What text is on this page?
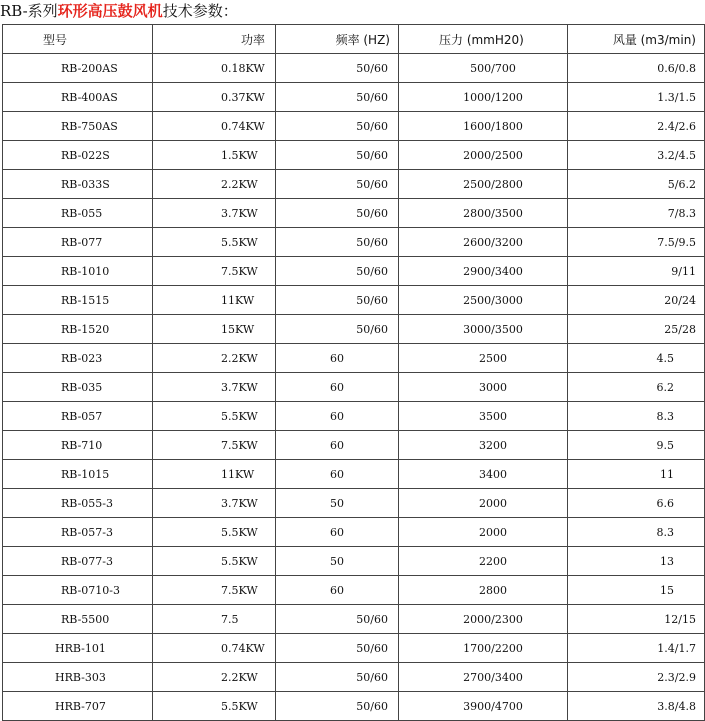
RB-系列环形高压鼓风机技术参数：
型号	功率	频率 (HZ)	压力 (mmH20)	风量 (m3/min)
RB-200AS	0.18KW	50/60	500/700	0.6/0.8
RB-400AS	0.37KW	50/60	1000/1200	1.3/1.5
RB-750AS	0.74KW	50/60	1600/1800	2.4/2.6
RB-022S	1.5KW	50/60	2000/2500	3.2/4.5
RB-033S	2.2KW	50/60	2500/2800	5/6.2
RB-055	3.7KW	50/60	2800/3500	7/8.3
RB-077	5.5KW	50/60	2600/3200	7.5/9.5
RB-1010	7.5KW	50/60	2900/3400	9/11
RB-1515	11KW	50/60	2500/3000	20/24
RB-1520	15KW	50/60	3000/3500	25/28
RB-023	2.2KW	60	2500	4.5
RB-035	3.7KW	60	3000	6.2
RB-057	5.5KW	60	3500	8.3
RB-710	7.5KW	60	3200	9.5
RB-1015	11KW	60	3400	11
RB-055-3	3.7KW	50	2000	6.6
RB-057-3	5.5KW	60	2000	8.3
RB-077-3	5.5KW	50	2200	13
RB-0710-3	7.5KW	60	2800	15
RB-5500	7.5	50/60	2000/2300	12/15
HRB-101	0.74KW	50/60	1700/2200	1.4/1.7
HRB-303	2.2KW	50/60	2700/3400	2.3/2.9
HRB-707	5.5KW	50/60	3900/4700	3.8/4.8
